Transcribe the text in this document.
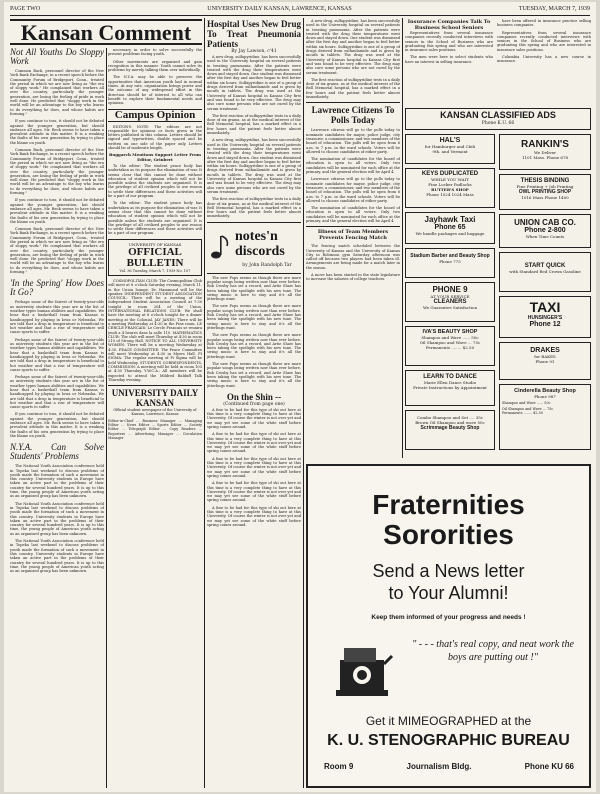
PAGE TWO	UNIVERSITY DAILY KANSAN, LAWRENCE, KANSAS	TUESDAY, MARCH 7, 1939
Kansan Comment
Not All Youths Do Sloppy Work

Common Back, personnel director of the New York Bank Exchange, in a recent speech before the Community Forum of Bridgeport, Conn., treated the period in which we are now living as "the era of sloppy work." He complained that workers all over the country, particularly the younger generation, are losing the feeling of pride in work well done. He predicted that "sloppy work in the world will be an advantage to the boy who learns to do everything he does, and whose habits are forming."

If you continue to toss, it should not be debated against the younger generation, but should embrace all ages. Mr. Beck seems to have taken a prevalent attitude in this matter. It is a weaking the faults of his own generation by trying to place the blame on youth.

Common Back, personnel director of the New York Bank Exchange, in a recent speech before the Community Forum of Bridgeport, Conn., treated the period in which we are now living as "the era of sloppy work." He complained that workers all over the country, particularly the younger generation, are losing the feeling of pride in work well done. He predicted that "sloppy work in the world will be an advantage to the boy who learns to do everything he does, and whose habits are forming."

If you continue to toss, it should not be debated against the younger generation, but should embrace all ages. Mr. Beck seems to have taken a prevalent attitude in this matter. It is a weaking the faults of his own generation by trying to place the blame on youth.

Common Back, personnel director of the New York Bank Exchange, in a recent speech before the Community Forum of Bridgeport, Conn., treated the period in which we are now living as "the era of sloppy work." He complained that workers all over the country, particularly the younger generation, are losing the feeling of pride in work well done. He predicted that "sloppy work in the world will be an advantage to the boy who learns to do everything he does, and whose habits are forming."

'In the Spring' How Does It Go?

Perhaps some of the fairest of twenty-year-olds as university students this year are in the list of weather types human abilities and capabilities. We hear that a basketball team from Kansas is handicapped by playing in Iowa or Nebraska. We are told that a drop in temperature is beneficial to hot weather and that a rise of temperature will cause sports to suffer.

Perhaps some of the fairest of twenty-year-olds as university students this year are in the list of weather types human abilities and capabilities. We hear that a basketball team from Kansas is handicapped by playing in Iowa or Nebraska. We are told that a drop in temperature is beneficial to hot weather and that a rise of temperature will cause sports to suffer.

Perhaps some of the fairest of twenty-year-olds as university students this year are in the list of weather types human abilities and capabilities. We hear that a basketball team from Kansas is handicapped by playing in Iowa or Nebraska. We are told that a drop in temperature is beneficial to hot weather and that a rise of temperature will cause sports to suffer.

If you continue to toss, it should not be debated against the younger generation, but should embrace all ages. Mr. Beck seems to have taken a prevalent attitude in this matter. It is a weaking the faults of his own generation by trying to place the blame on youth.

N.Y.A. Can Solve Students' Problems

The National Youth Association conference held in Topeka last weekend to discuss problems of youth made the formation of such a movement in this country. University students in Europe have taken an active part in the problems of their country for several hundred years. It is up to this time, the young people of American youth acting as an organized group has been unknown.

The National Youth Association conference held in Topeka last weekend to discuss problems of youth made the formation of such a movement in this country. University students in Europe have taken an active part in the problems of their country for several hundred years. It is up to this time, the young people of American youth acting as an organized group has been unknown.

The National Youth Association conference held in Topeka last weekend to discuss problems of youth made the formation of such a movement in this country. University students in Europe have taken an active part in the problems of their country for several hundred years. It is up to this time, the young people of American youth acting as an organized group has been unknown.

necessary in order to solve successfully the present problems facing youth.

Other movements are organized and gain recognition in this manner. Youth cannot solve its problems by merely talking them over individually.

The N.Y.A. may be able to preserve the opportunities that American youth had in normal times. At any rate, organization brings power and the outcome of any widespread effort in this direction should be of interest to all who can benefit to explore their fundamental needs and opinions.

Campus Opinion

EDITOR'S NOTE: The editors are not responsible for opinions or facts given in the letters published in this column. Letters should be signed and typewritten, double spaced and be written on one side of the paper only. Letters should be of moderate length.

Buggarch Mentions Support Letter From Editor, Grinbert

To the editor: The student peace body has undertaken as its purpose the elimination of war. It seems clear that this cannot be done without education of student opinion which will not be possible unless the students are organized. It is the privilege of all civilized peoples to use reason to settle their differences and these activities will be a part of our program.

To the editor: The student peace body has undertaken as its purpose the elimination of war. It seems clear that this cannot be done without education of student opinion which will not be possible unless the students are organized. It is the privilege of all civilized peoples to use reason to settle their differences and these activities will be a part of our program.

UNIVERSITY OF KANSAS
OFFICIAL BULLETIN
Vol. 36 Tuesday, March 7, 1939 No. 107

COSMOPOLITAN CLUB: The Cosmopolitan Club will meet at 8 o'clock Saturday evening, March 11, in the Union lounge. Dr. Hammond will be the speaker. INDEPENDENT STUDENT ASSOCIATION COUNCIL: There will be a meeting of the Independent Student Association Council at 7:30 tonight in room 204 of the Union. INTERNATIONAL RELATIONS CLUB: We shall have the meeting at 8 o'clock tonight for a dinner meeting at the Colonial. JAY JANES: There will be a meeting Wednesday at 4:30 in the Pine room. LE CERCLE FRANCAIS: Le Cercle Francais se reunira jeudi a 4 heures dans la salle 110. MATHEMATICS CLUB: The club will meet Thursday at 4:30 in room 210 of Strong Hall. NOTICE TO ALL UNIVERSITY WOMEN: There will be a meeting Wednesday at 4:30. PEACE COMMITTEE: The Peace Committee will meet Wednesday at 4:30 in Myers Hall. PI SIGMA: The regular meeting of Pi Sigma will be held Wednesday. STUDENTS CORRESPONDENTS, COMMISSION: A meeting will be held in room 103 at 4:30 Thursday. Y.W.C.A.: All members will be expected to attend the Mildred Balduff Talk Thursday evening.

UNIVERSITY DAILY KANSAN
Official student newspaper of the University of Kansas, Lawrence, Kansas

Editor-in-Chief ... Business Manager ... Managing Editor ... News Editor ... Sports Editor ... Society Editor ... Telegraph Editor ... Copy Readers ... Reporters ... Advertising Manager ... Circulation Manager

Hospital Uses New Drug To Treat Pneumonia Patients
By Jay Lawson, c'41

A new drug, sulfapyridine, has been successfully used in the University hospital on several patients in treating pneumonia. After the patients were treated with the drug their temperatures went down and stayed down. One student was dismissed after the first day and another began to feel better within six hours. Sulfapyridine is one of a group of drugs derived from sulfanilamide and is given by mouth in tablets. The drug was used at the University of Kansas hospital in Kansas City first and was found to be very effective. The drug may also cure some persons who are not cured by the serum treatment.

The first reaction of sulfapyridine tests in a daily dose of six grams, as at the medical interest of the Bell Memorial hospital, has a marked effect in a few hours and the patient feels better almost immediately.

A new drug, sulfapyridine, has been successfully used in the University hospital on several patients in treating pneumonia. After the patients were treated with the drug their temperatures went down and stayed down. One student was dismissed after the first day and another began to feel better within six hours. Sulfapyridine is one of a group of drugs derived from sulfanilamide and is given by mouth in tablets. The drug was used at the University of Kansas hospital in Kansas City first and was found to be very effective. The drug may also cure some persons who are not cured by the serum treatment.

The first reaction of sulfapyridine tests in a daily dose of six grams, as at the medical interest of the Bell Memorial hospital, has a marked effect in a few hours and the patient feels better almost immediately.

notes'n discords
by John Randolph Tar

The new Pops seems as though there are more popular songs being written now than ever before. Bob Crosby has set a record, and Artie Shaw has been taking the spotlight with his new tune. The swing music is here to stay and it's all the jitterbugs want.

The new Pops seems as though there are more popular songs being written now than ever before. Bob Crosby has set a record, and Artie Shaw has been taking the spotlight with his new tune. The swing music is here to stay and it's all the jitterbugs want.

The new Pops seems as though there are more popular songs being written now than ever before. Bob Crosby has set a record, and Artie Shaw has been taking the spotlight with his new tune. The swing music is here to stay and it's all the jitterbugs want.

The new Pops seems as though there are more popular songs being written now than ever before. Bob Crosby has set a record, and Artie Shaw has been taking the spotlight with his new tune. The swing music is here to stay and it's all the jitterbugs want.

On the Shin --
(Continued from page one)

A fine to be had for this type of ski out here at this time is a very complete thing to have at this University. Of course the winter is not over yet and we may yet see some of the white stuff before spring comes around.

A fine to be had for this type of ski out here at this time is a very complete thing to have at this University. Of course the winter is not over yet and we may yet see some of the white stuff before spring comes around.

A fine to be had for this type of ski out here at this time is a very complete thing to have at this University. Of course the winter is not over yet and we may yet see some of the white stuff before spring comes around.

A fine to be had for this type of ski out here at this time is a very complete thing to have at this University. Of course the winter is not over yet and we may yet see some of the white stuff before spring comes around.

A fine to be had for this type of ski out here at this time is a very complete thing to have at this University. Of course the winter is not over yet and we may yet see some of the white stuff before spring comes around.

A new drug, sulfapyridine, has been successfully used in the University hospital on several patients in treating pneumonia. After the patients were treated with the drug their temperatures went down and stayed down. One student was dismissed after the first day and another began to feel better within six hours. Sulfapyridine is one of a group of drugs derived from sulfanilamide and is given by mouth in tablets. The drug was used at the University of Kansas hospital in Kansas City first and was found to be very effective. The drug may also cure some persons who are not cured by the serum treatment.

The first reaction of sulfapyridine tests in a daily dose of six grams, as at the medical interest of the Bell Memorial hospital, has a marked effect in a few hours and the patient feels better almost immediately.

Lawrence Citizens To Polls Today

Lawrence citizens will go to the polls today to nominate candidates for mayor, police judge, city treasurer, a commissioner, and two members of the board of education. The polls will be open from 6 a.m. to 7 p.m. in the ward schools. Voters will be allowed to choose candidates of either party.

The nomination of candidates for the board of education is open to all voters. Only two candidates will be nominated for each office at the primary, and the general election will be April 4.

Lawrence citizens will go to the polls today to nominate candidates for mayor, police judge, city treasurer, a commissioner, and two members of the board of education. The polls will be open from 6 a.m. to 7 p.m. in the ward schools. Voters will be allowed to choose candidates of either party.

The nomination of candidates for the board of education is open to all voters. Only two candidates will be nominated for each office at the primary, and the general election will be April 4.

Illness of Team Members Prevents Fencing Match

The fencing match scheduled between the University of Kansas and the University of Kansas City in Robinson gym Saturday afternoon was called off because two players had been taken ill. Arrangements are being made for a match later in the season.

A move has been started in the state legislature to increase the salaries of college teachers.

Insurance Companies Talk To Business School Seniors

Representatives from several insurance companies recently conducted interviews with seniors in the School of Business who are graduating this spring and who are interested in insurance sales positions.

The men were here to select students who have an interest in selling insurance.

have been offered in insurance practice selling business companies.

Representatives from several insurance companies recently conducted interviews with seniors in the School of Business who are graduating this spring and who are interested in insurance sales positions.

Columbia University has a new course in insurance.

KANSAN CLASSIFIED ADS
Phone K.U. 66
HAL'S
for Hamburger and Chili
9th. and Vermont
KEYS DUPLICATED
WHILE YOU WAIT
Fine Locker Padlocks
RUTTER'S SHOP
Phone 1024 1024 Mass
Jayhawk Taxi
Phone 65
We handle packages and baggage
Stadium Barber and Beauty Shop
Phone 775
PHONE 9
AT YOUR SERVICE
CLEANERS
We Guarantee Satisfaction
IVA'S BEAUTY SHOP
Shampoo and Wave ...... 50c
Oil Shampoo and Wave ... 75c
Permanents ........ $2.50
LEARN TO DANCE
Marie Ellen Dance Studio
Private Instructions by Appointment
Combo Shampoo and Set .... 35c
Brown Oil Shampoo and wave 50c
Scrimmage Beauty Shop
RANKIN'S
We Deliver
1101 Mass. Phone 678
THESIS BINDING
Fine Printing + Job Printing
OWL PRINTING SHOP
1016 Mass Phone 1400
UNION CAB CO.
Phone 2-800
When Time Counts
START QUICK
with Standard Red Crown Gasoline
TAXI
HUNSINGER'S
Phone 12
DRAKES
for BAKES
Phone 91
Cinderella Beauty Shop
Phone 987
Shampoo and Wave ...... 50c
Oil Shampoo and Wave ... 75c
Permanents ........ $2.50
Fraternities
Sororities
Send a News letter
to Your Alumni!
Keep them informed of your progress and needs !
" - - - that's real copy, and neat work the boys are putting out !"
Get it MIMEOGRAPHED at the
K. U. STENOGRAPHIC BUREAU
Room 9	Journalism Bldg.	Phone KU 66
